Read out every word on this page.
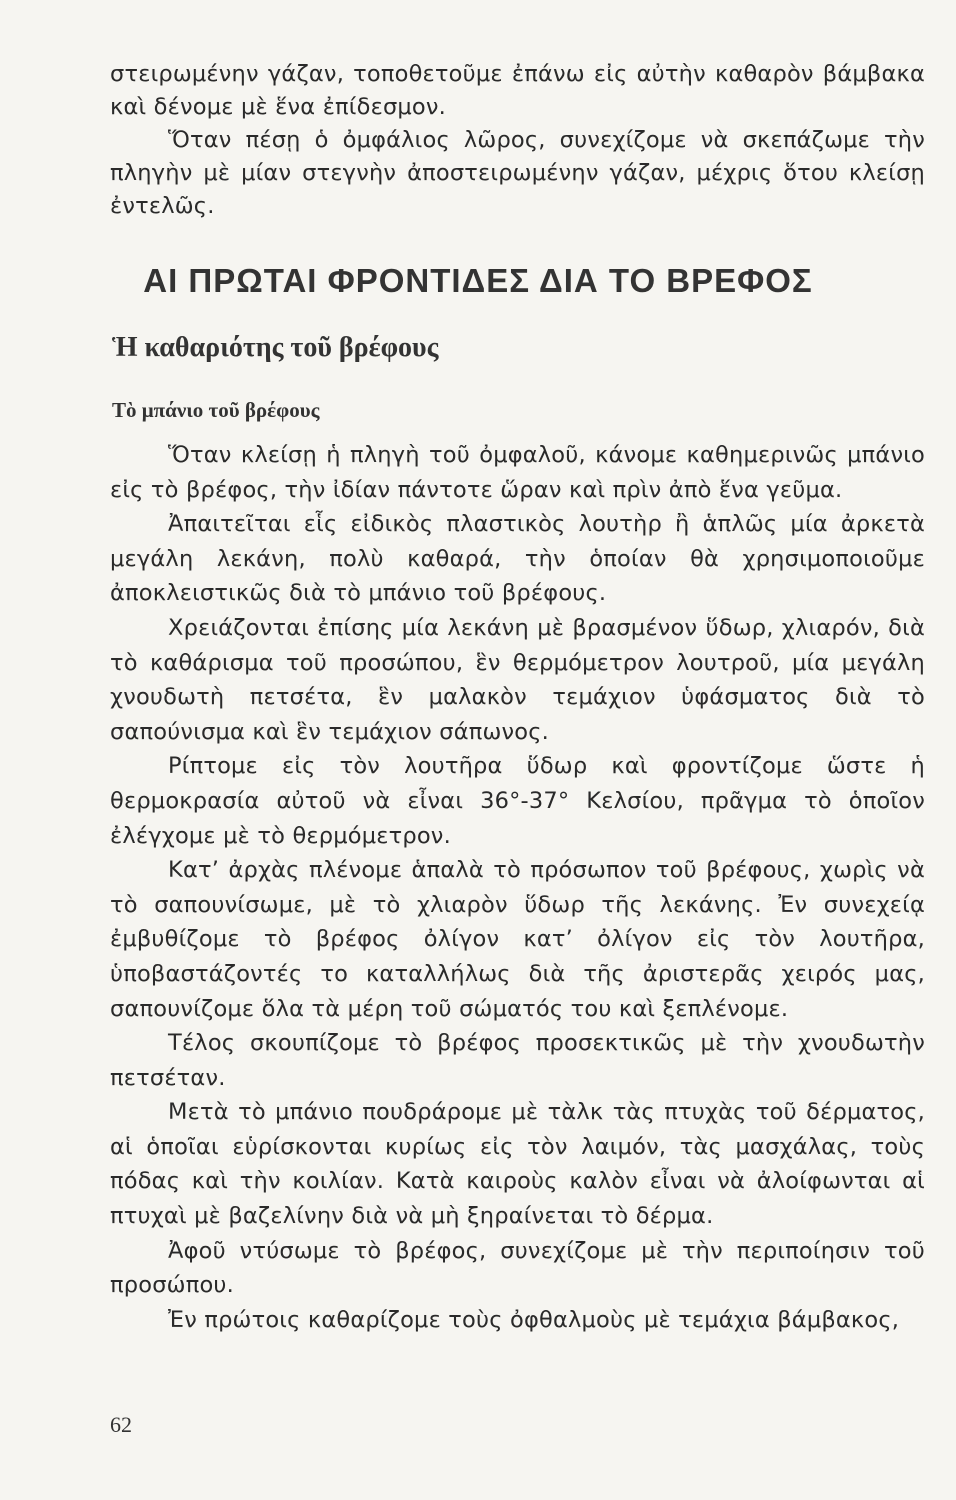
στειρωμένην γάζαν, τοποθετοῦμε ἐπάνω εἰς αὐτὴν καθαρὸν βάμβακα καὶ δένομε μὲ ἕνα ἐπίδεσμον.

Ὅταν πέσῃ ὁ ὀμφάλιος λῶρος, συνεχίζομε νὰ σκεπάζωμε τὴν πληγὴν μὲ μίαν στεγνὴν ἀποστειρωμένην γάζαν, μέχρις ὅτου κλείσῃ ἐντελῶς.

ΑΙ ΠΡΩΤΑΙ ΦΡΟΝΤΙΔΕΣ ΔΙΑ ΤΟ ΒΡΕΦΟΣ
Ἡ καθαριότης τοῦ βρέφους
Τὸ μπάνιο τοῦ βρέφους

Ὅταν κλείσῃ ἡ πληγὴ τοῦ ὀμφαλοῦ, κάνομε καθημερινῶς μπάνιο εἰς τὸ βρέφος, τὴν ἰδίαν πάντοτε ὥραν καὶ πρὶν ἀπὸ ἕνα γεῦμα.

Ἀπαιτεῖται εἷς εἰδικὸς πλαστικὸς λουτὴρ ἢ ἁπλῶς μία ἀρκετὰ μεγάλη λεκάνη, πολὺ καθαρά, τὴν ὁποίαν θὰ χρησιμοποιοῦμε ἀποκλειστικῶς διὰ τὸ μπάνιο τοῦ βρέφους.

Χρειάζονται ἐπίσης μία λεκάνη μὲ βρασμένον ὕδωρ, χλιαρόν, διὰ τὸ καθάρισμα τοῦ προσώπου, ἓν θερμόμετρον λουτροῦ, μία μεγάλη χνουδωτὴ πετσέτα, ἓν μαλακὸν τεμάχιον ὑφάσματος διὰ τὸ σαπούνισμα καὶ ἓν τεμάχιον σάπωνος.

Ρίπτομε εἰς τὸν λουτῆρα ὕδωρ καὶ φροντίζομε ὥστε ἡ θερμοκρασία αὐτοῦ νὰ εἶναι 36°-37° Κελσίου, πρᾶγμα τὸ ὁποῖον ἐλέγχομε μὲ τὸ θερμόμετρον.

Κατ’ ἀρχὰς πλένομε ἁπαλὰ τὸ πρόσωπον τοῦ βρέφους, χωρὶς νὰ τὸ σαπουνίσωμε, μὲ τὸ χλιαρὸν ὕδωρ τῆς λεκάνης. Ἐν συνεχείᾳ ἐμβυθίζομε τὸ βρέφος ὀλίγον κατ’ ὀλίγον εἰς τὸν λουτῆρα, ὑποβαστάζοντές το καταλλήλως διὰ τῆς ἀριστερᾶς χειρός μας, σαπουνίζομε ὅλα τὰ μέρη τοῦ σώματός του καὶ ξεπλένομε.

Τέλος σκουπίζομε τὸ βρέφος προσεκτικῶς μὲ τὴν χνουδωτὴν πετσέταν.

Μετὰ τὸ μπάνιο πουδράρομε μὲ τὰλκ τὰς πτυχὰς τοῦ δέρματος, αἱ ὁποῖαι εὑρίσκονται κυρίως εἰς τὸν λαιμόν, τὰς μασχάλας, τοὺς πόδας καὶ τὴν κοιλίαν. Κατὰ καιροὺς καλὸν εἶναι νὰ ἀλοίφωνται αἱ πτυχαὶ μὲ βαζελίνην διὰ νὰ μὴ ξηραίνεται τὸ δέρμα.

Ἀφοῦ ντύσωμε τὸ βρέφος, συνεχίζομε μὲ τὴν περιποίησιν τοῦ προσώπου.

Ἐν πρώτοις καθαρίζομε τοὺς ὀφθαλμοὺς μὲ τεμάχια βάμβακος,

62
